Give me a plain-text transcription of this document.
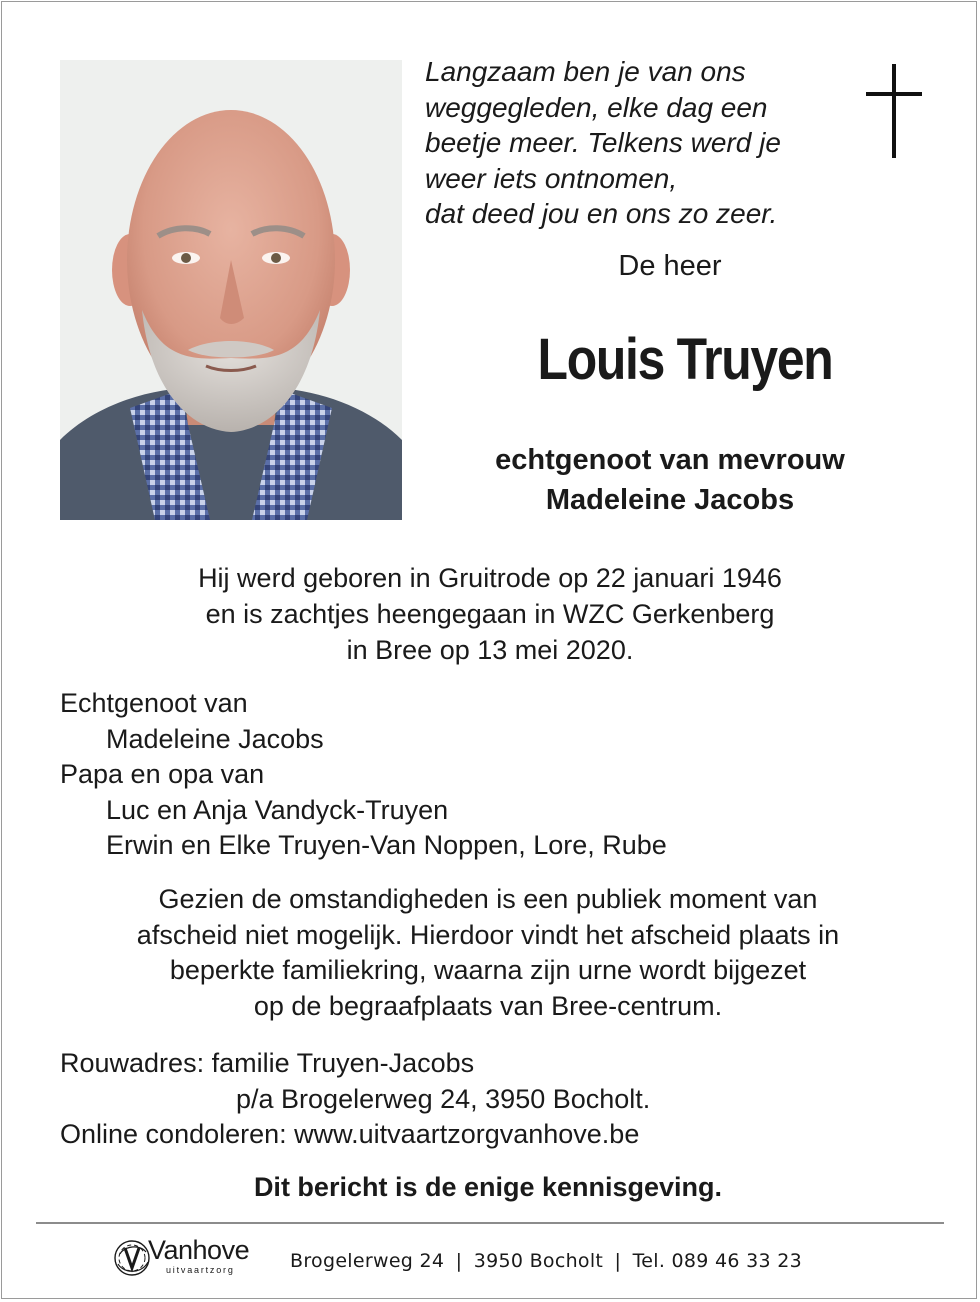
Langzaam ben je van ons
weggegleden, elke dag een
beetje meer. Telkens werd je
weer iets ontnomen,
dat deed jou en ons zo zeer.
De heer
Louis Truyen
echtgenoot van mevrouw
Madeleine Jacobs
Hij werd geboren in Gruitrode op 22 januari 1946
en is zachtjes heengegaan in WZC Gerkenberg
in Bree op 13 mei 2020.
Echtgenoot van
Madeleine Jacobs
Papa en opa van
Luc en Anja Vandyck-Truyen
Erwin en Elke Truyen-Van Noppen, Lore, Rube
Gezien de omstandigheden is een publiek moment van
afscheid niet mogelijk. Hierdoor vindt het afscheid plaats in
beperkte familiekring, waarna zijn urne wordt bijgezet
op de begraafplaats van Bree-centrum.
Rouwadres: familie Truyen-Jacobs
p/a Brogelerweg 24, 3950 Bocholt.
Online condoleren: www.uitvaartzorgvanhove.be
Dit bericht is de enige kennisgeving.
Vanhove
uitvaartzorg	Brogelerweg 24 | 3950 Bocholt | Tel. 089 46 33 23
